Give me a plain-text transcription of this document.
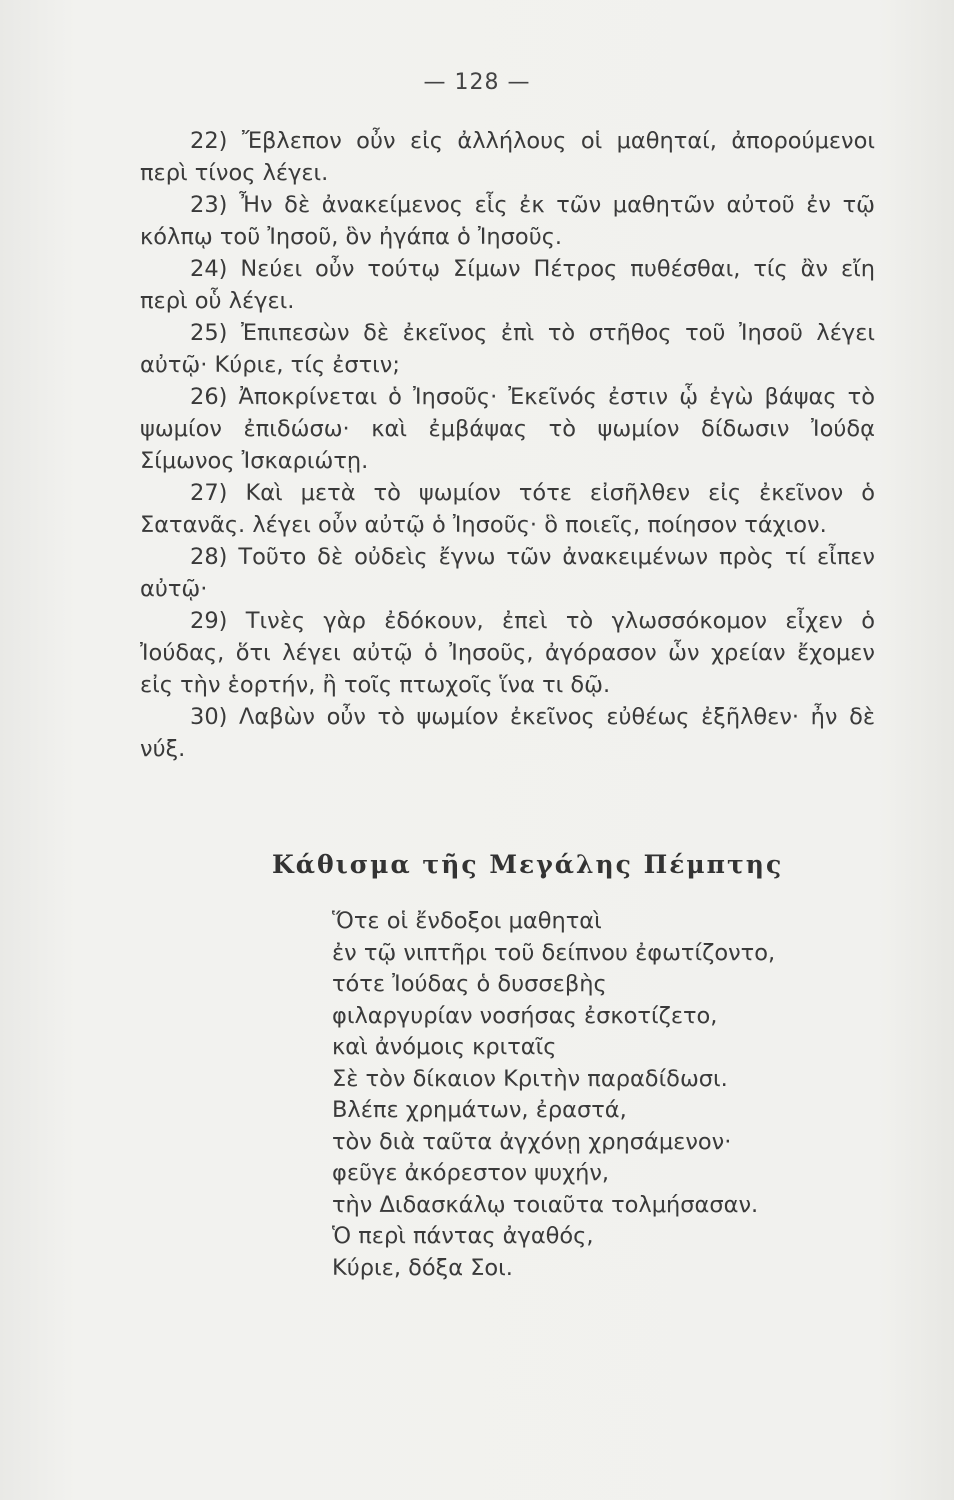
— 128 —

22) Ἔβλεπον οὖν εἰς ἀλλήλους οἱ μαθηταί, ἀπορούμενοι περὶ τίνος λέγει.

23) Ἦν δὲ ἀνακείμενος εἷς ἐκ τῶν μαθητῶν αὐτοῦ ἐν τῷ κόλπῳ τοῦ Ἰησοῦ, ὃν ἠγάπα ὁ Ἰησοῦς.

24) Νεύει οὖν τούτῳ Σίμων Πέτρος πυθέσθαι, τίς ἂν εἴη περὶ οὗ λέγει.

25) Ἐπιπεσὼν δὲ ἐκεῖνος ἐπὶ τὸ στῆθος τοῦ Ἰησοῦ λέγει αὐτῷ· Κύριε, τίς ἐστιν;

26) Ἀποκρίνεται ὁ Ἰησοῦς· Ἐκεῖνός ἐστιν ᾧ ἐγὼ βάψας τὸ ψωμίον ἐπιδώσω· καὶ ἐμβάψας τὸ ψωμίον δίδωσιν Ἰούδᾳ Σίμωνος Ἰσκαριώτῃ.

27) Καὶ μετὰ τὸ ψωμίον τότε εἰσῆλθεν εἰς ἐκεῖνον ὁ Σατανᾶς. λέγει οὖν αὐτῷ ὁ Ἰησοῦς· ὃ ποιεῖς, ποίησον τάχιον.

28) Τοῦτο δὲ οὐδεὶς ἔγνω τῶν ἀνακειμένων πρὸς τί εἶπεν αὐτῷ·

29) Τινὲς γὰρ ἐδόκουν, ἐπεὶ τὸ γλωσσόκομον εἶχεν ὁ Ἰούδας, ὅτι λέγει αὐτῷ ὁ Ἰησοῦς, ἀγόρασον ὧν χρείαν ἔχομεν εἰς τὴν ἑορτήν, ἢ τοῖς πτωχοῖς ἵνα τι δῷ.

30) Λαβὼν οὖν τὸ ψωμίον ἐκεῖνος εὐθέως ἐξῆλθεν· ἦν δὲ νύξ.

Κάθισμα τῆς Μεγάλης Πέμπτης
Ὅτε οἱ ἔνδοξοι μαθηταὶ
ἐν τῷ νιπτῆρι τοῦ δείπνου ἐφωτίζοντο,
τότε Ἰούδας ὁ δυσσεβὴς
φιλαργυρίαν νοσήσας ἐσκοτίζετο,
καὶ ἀνόμοις κριταῖς
Σὲ τὸν δίκαιον Κριτὴν παραδίδωσι.
Βλέπε χρημάτων, ἐραστά,
τὸν διὰ ταῦτα ἀγχόνῃ χρησάμενον·
φεῦγε ἀκόρεστον ψυχήν,
τὴν Διδασκάλῳ τοιαῦτα τολμήσασαν.
Ὁ περὶ πάντας ἀγαθός,
Κύριε, δόξα Σοι.
